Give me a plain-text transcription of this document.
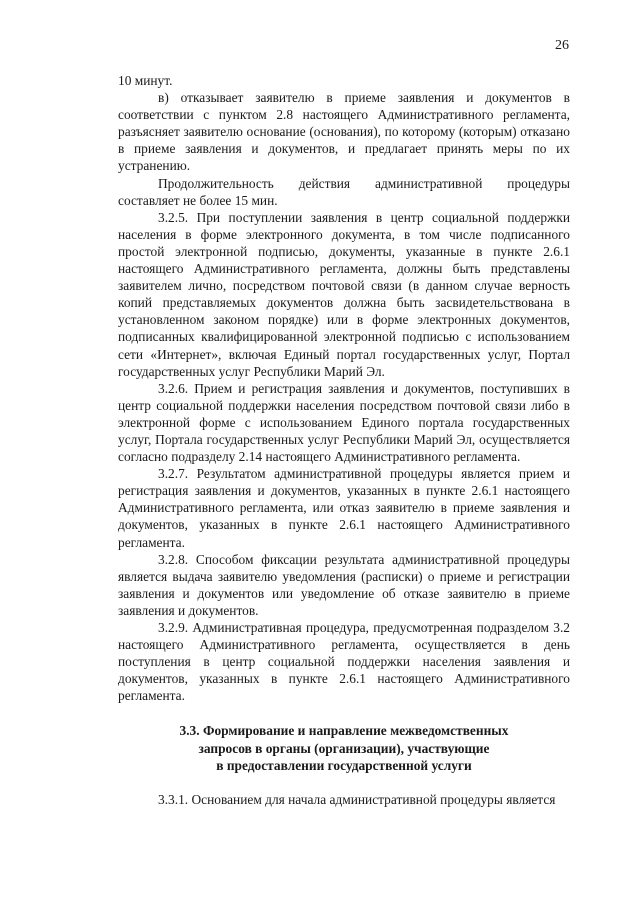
26

10 минут.

в) отказывает заявителю в приеме заявления и документов в соответствии с пунктом 2.8 настоящего Административного регламента, разъясняет заявителю основание (основания), по которому (которым) отказано в приеме заявления и документов, и предлагает принять меры по их устранению.

Продолжительность действия административной процедуры составляет не более 15 мин.

3.2.5. При поступлении заявления в центр социальной поддержки населения в форме электронного документа, в том числе подписанного простой электронной подписью, документы, указанные в пункте 2.6.1 настоящего Административного регламента, должны быть представлены заявителем лично, посредством почтовой связи (в данном случае верность копий представляемых документов должна быть засвидетельствована в установленном законом порядке) или в форме электронных документов, подписанных квалифицированной электронной подписью с использованием сети «Интернет», включая Единый портал государственных услуг, Портал государственных услуг Республики Марий Эл.

3.2.6. Прием и регистрация заявления и документов, поступивших в центр социальной поддержки населения посредством почтовой связи либо в электронной форме с использованием Единого портала государственных услуг, Портала государственных услуг Республики Марий Эл, осуществляется согласно подразделу 2.14 настоящего Административного регламента.

3.2.7. Результатом административной процедуры является прием и регистрация заявления и документов, указанных в пункте 2.6.1 настоящего Административного регламента, или отказ заявителю в приеме заявления и документов, указанных в пункте 2.6.1 настоящего Административного регламента.

3.2.8. Способом фиксации результата административной процедуры является выдача заявителю уведомления (расписки) о приеме и регистрации заявления и документов или уведомление об отказе заявителю в приеме заявления и документов.

3.2.9. Административная процедура, предусмотренная подразделом 3.2 настоящего Административного регламента, осуществляется в день поступления в центр социальной поддержки населения заявления и документов, указанных в пункте 2.6.1 настоящего Административного регламента.

3.3. Формирование и направление межведомственных
запросов в органы (организации), участвующие
в предоставлении государственной услуги

3.3.1. Основанием для начала административной процедуры является
